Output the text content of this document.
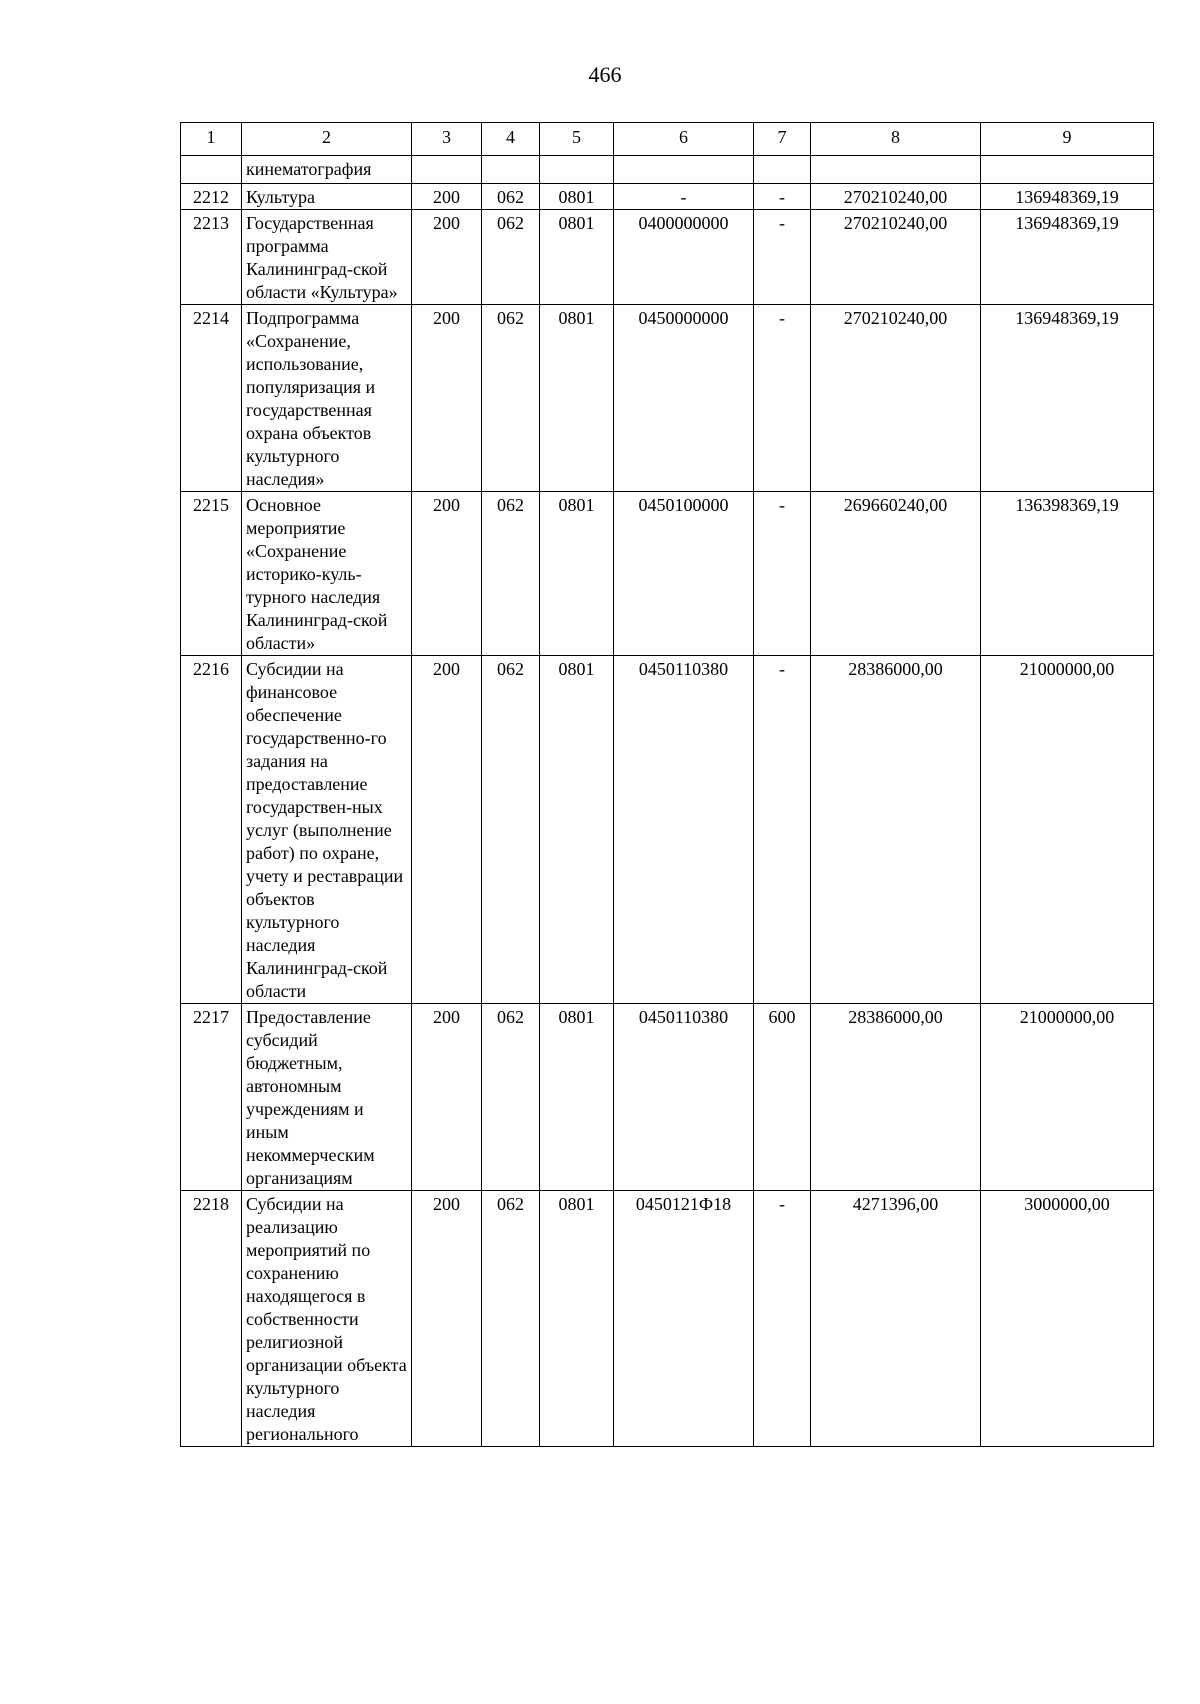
466
1	2	3	4	5	6	7	8	9
	кинематография							
2212	Культура	200	062	0801	-	-	270210240,00	136948369,19
2213	Государственная программа Калининград-ской области «Культура»	200	062	0801	0400000000	-	270210240,00	136948369,19
2214	Подпрограмма «Сохранение, использование, популяризация и государственная охрана объектов культурного наследия»	200	062	0801	0450000000	-	270210240,00	136948369,19
2215	Основное мероприятие «Сохранение историко-куль-турного наследия Калининград-ской области»	200	062	0801	0450100000	-	269660240,00	136398369,19
2216	Субсидии на финансовое обеспечение государственно-го задания на предоставление государствен-ных услуг (выполнение работ) по охране, учету и реставрации объектов культурного наследия Калининград-ской области	200	062	0801	0450110380	-	28386000,00	21000000,00
2217	Предоставление субсидий бюджетным, автономным учреждениям и иным некоммерческим организациям	200	062	0801	0450110380	600	28386000,00	21000000,00
2218	Субсидии на реализацию мероприятий по сохранению находящегося в собственности религиозной организации объекта культурного наследия регионального	200	062	0801	0450121Ф18	-	4271396,00	3000000,00
